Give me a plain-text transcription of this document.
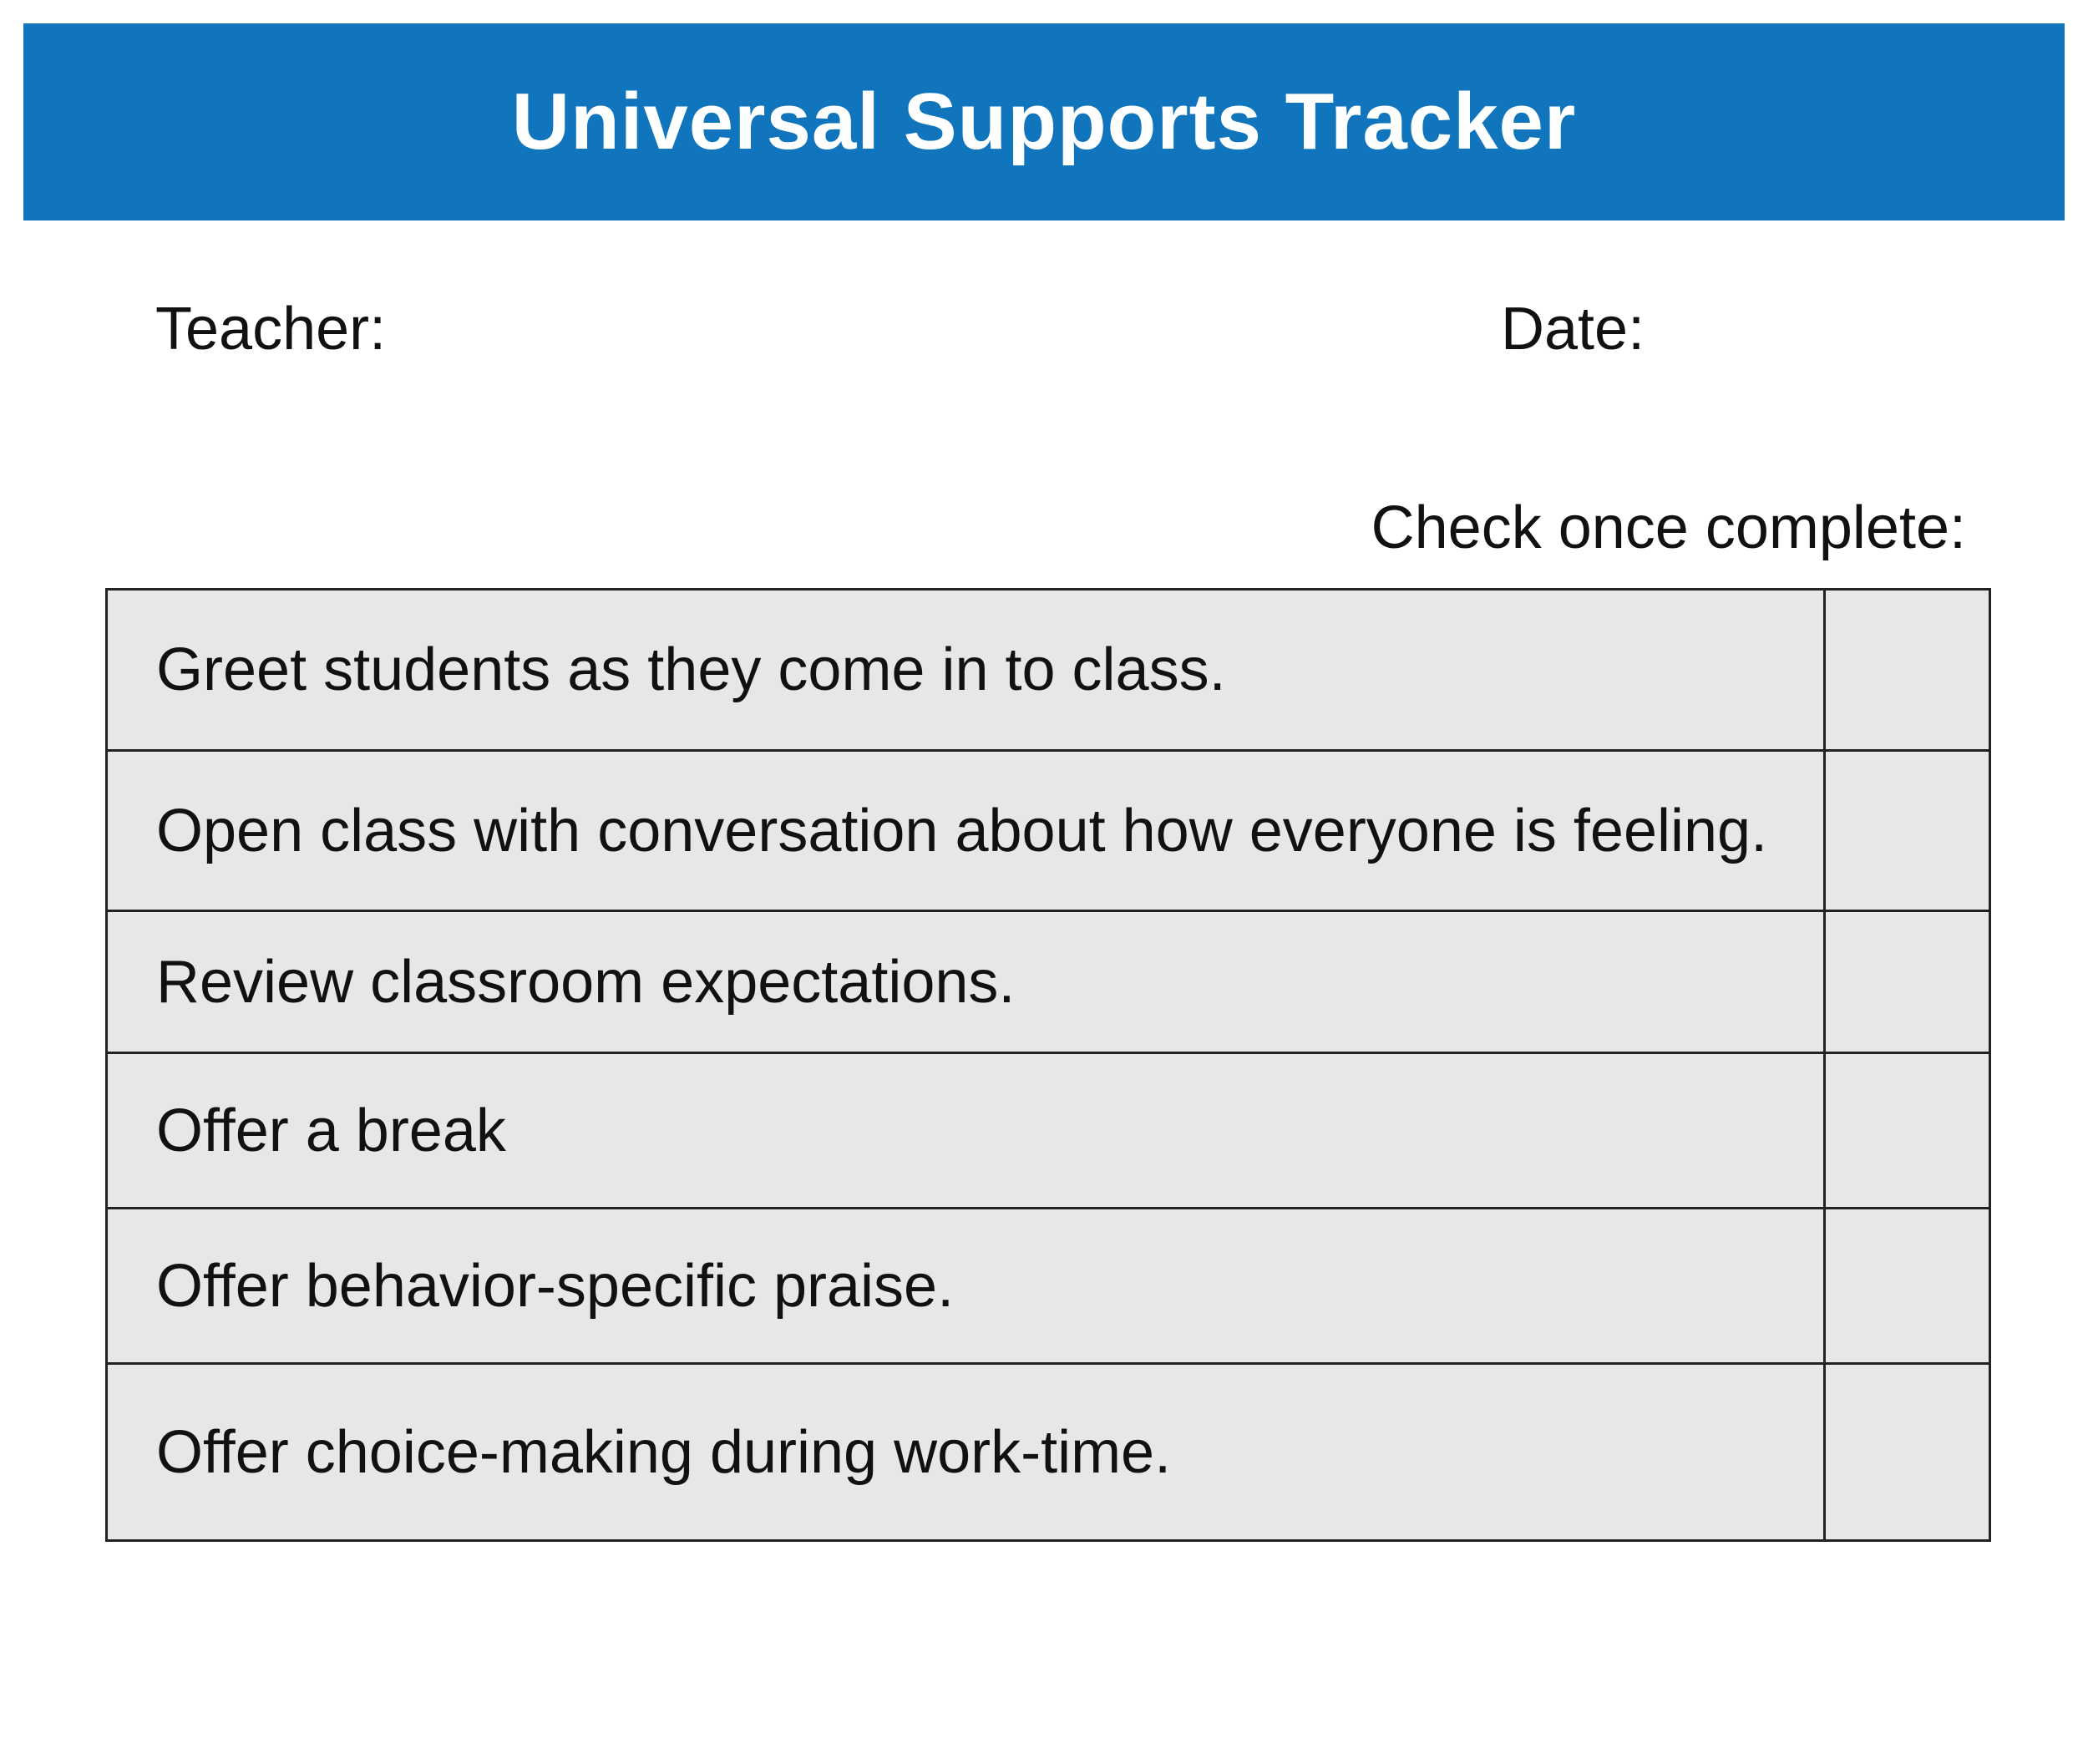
Universal Supports Tracker
Teacher:	Date:
Check once complete:
Greet students as they come in to class.
Open class with conversation about how everyone is feeling.
Review classroom expectations.
Offer a break
Offer behavior-specific praise.
Offer choice-making during work-time.
